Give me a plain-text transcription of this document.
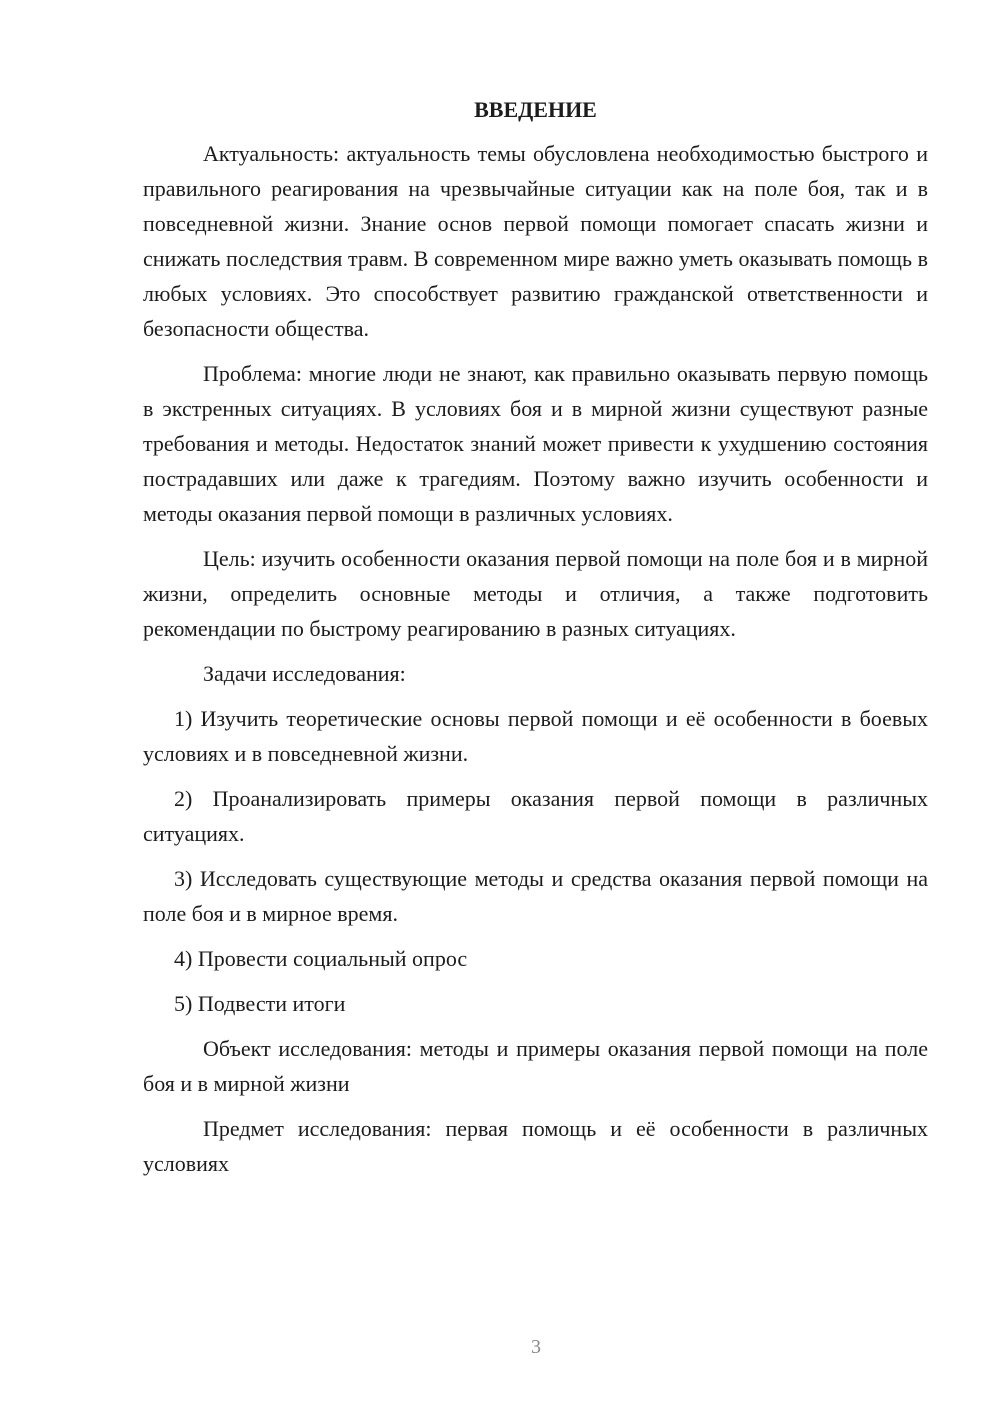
ВВЕДЕНИЕ

Актуальность: актуальность темы обусловлена необходимостью быстрого и правильного реагирования на чрезвычайные ситуации как на поле боя, так и в повседневной жизни. Знание основ первой помощи помогает спасать жизни и снижать последствия травм. В современном мире важно уметь оказывать помощь в любых условиях. Это способствует развитию гражданской ответственности и безопасности общества.

Проблема: многие люди не знают, как правильно оказывать первую помощь в экстренных ситуациях. В условиях боя и в мирной жизни существуют разные требования и методы. Недостаток знаний может привести к ухудшению состояния пострадавших или даже к трагедиям. Поэтому важно изучить особенности и методы оказания первой помощи в различных условиях.

Цель: изучить особенности оказания первой помощи на поле боя и в мирной жизни, определить основные методы и отличия, а также подготовить рекомендации по быстрому реагированию в разных ситуациях.

Задачи исследования:

1) Изучить теоретические основы первой помощи и её особенности в боевых условиях и в повседневной жизни.

2) Проанализировать примеры оказания первой помощи в различных ситуациях.

3) Исследовать существующие методы и средства оказания первой помощи на поле боя и в мирное время.

4) Провести социальный опрос

5) Подвести итоги

Объект исследования: методы и примеры оказания первой помощи на поле боя и в мирной жизни

Предмет исследования: первая помощь и её особенности в различных условиях

3
